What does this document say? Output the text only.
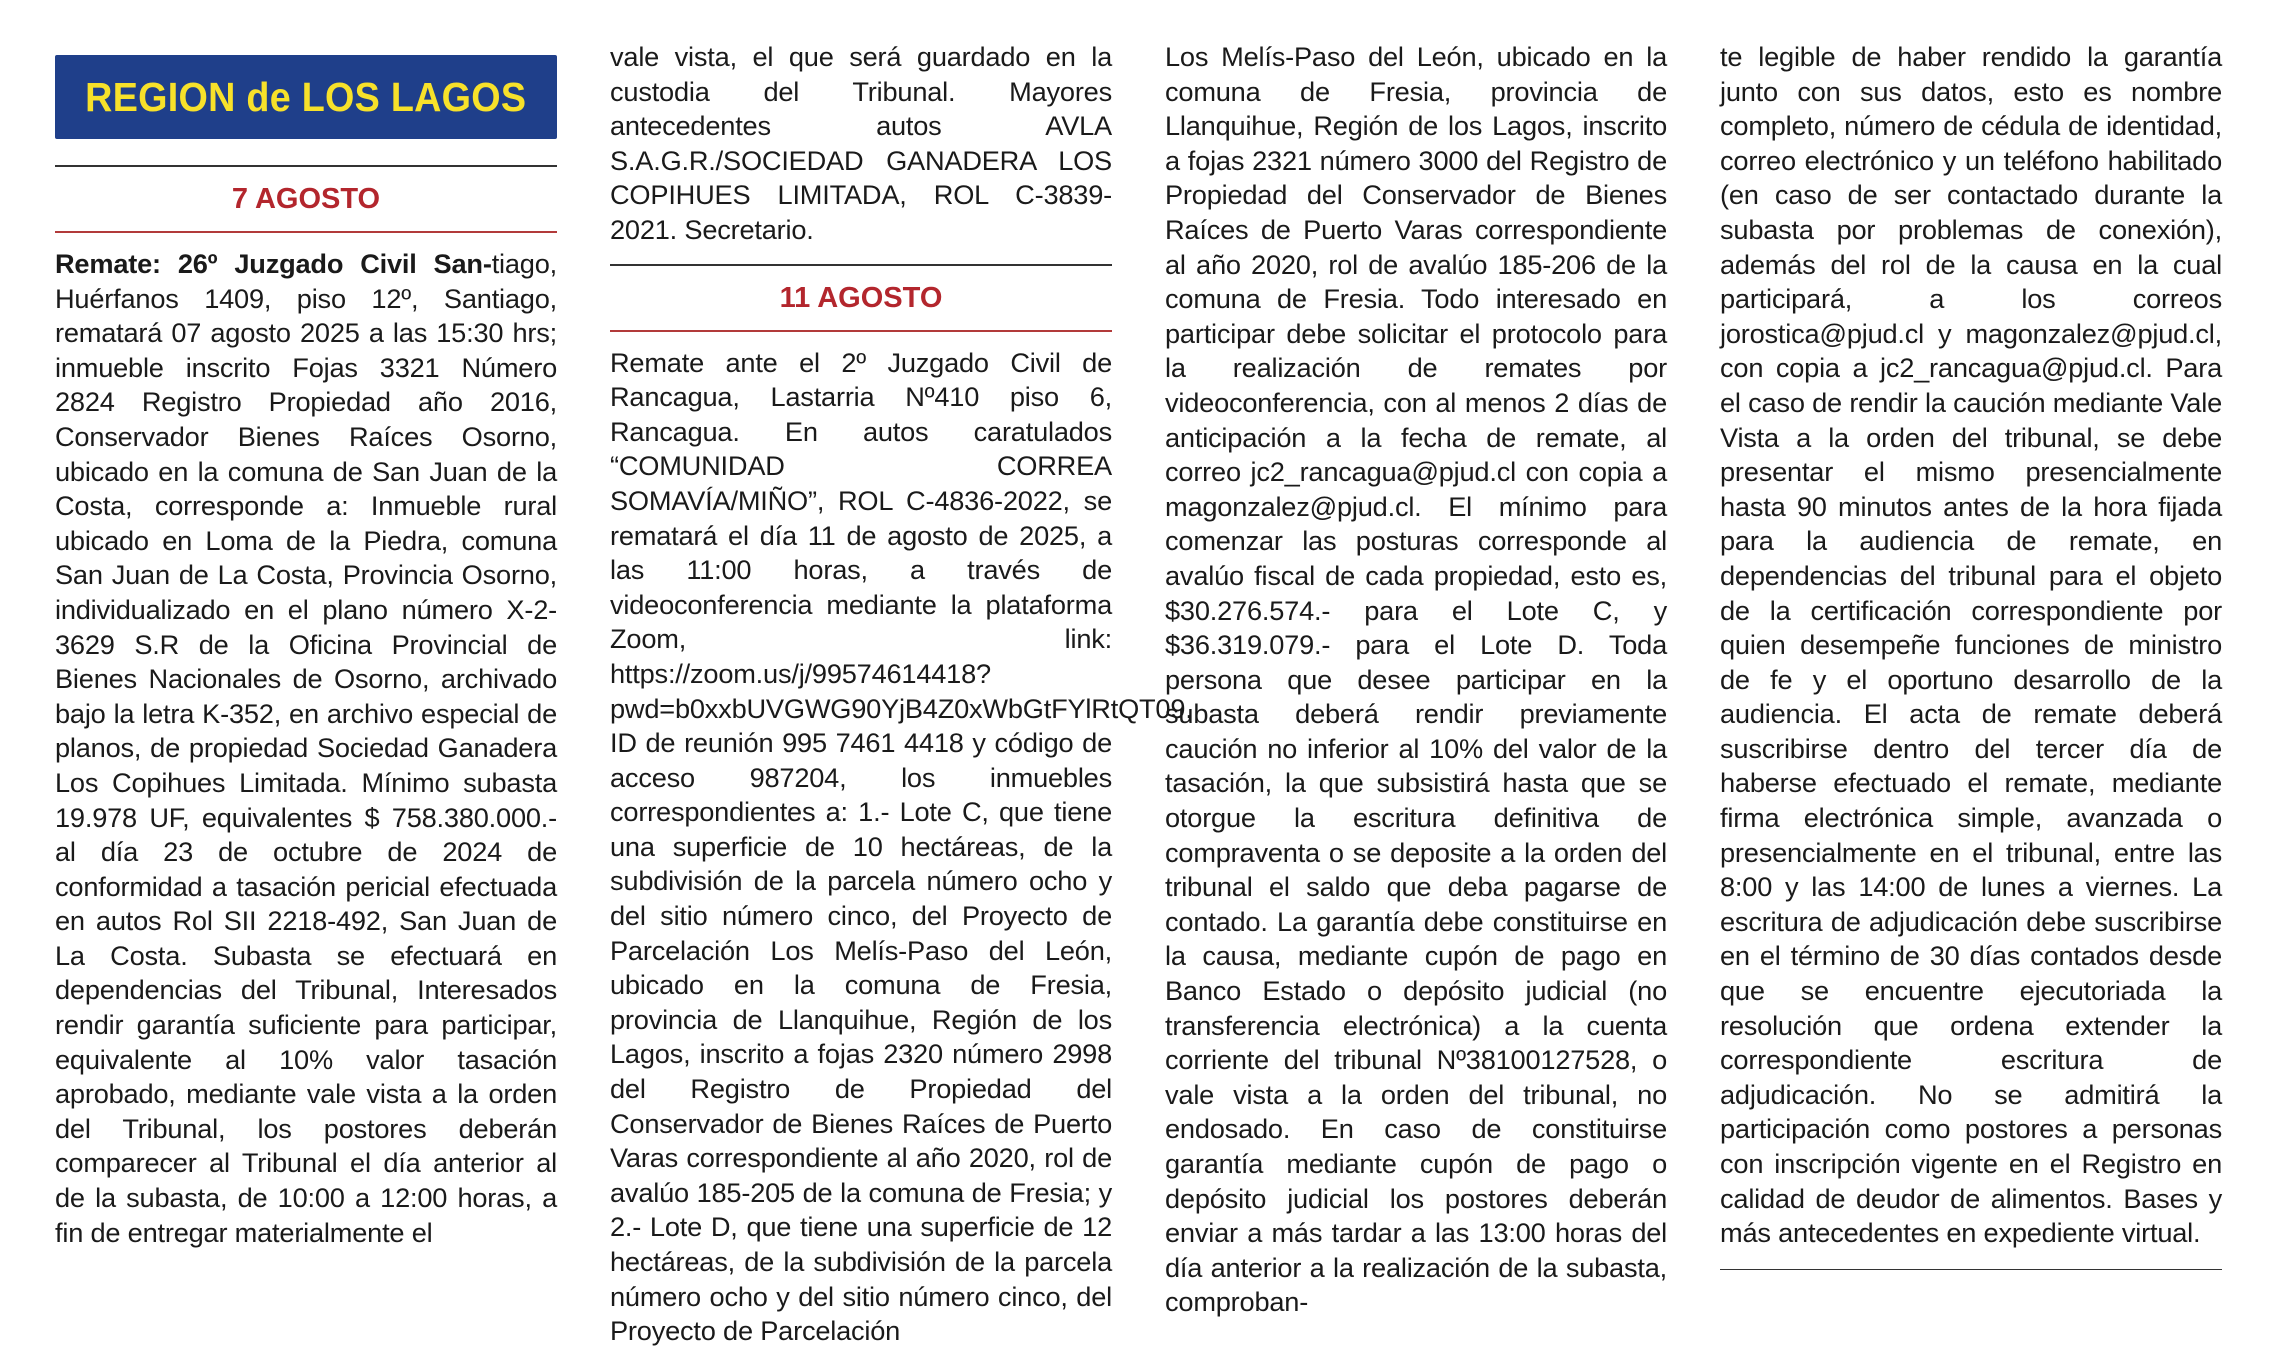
REGION de LOS LAGOS
7 AGOSTO

Remate: 26º Juzgado Civil San-tiago, Huérfanos 1409, piso 12º, Santiago, rematará 07 agosto 2025 a las 15:30 hrs; inmueble inscrito Fojas 3321 Número 2824 Registro Propiedad año 2016, Conservador Bienes Raíces Osorno, ubicado en la comuna de San Juan de la Costa, corresponde a: Inmueble rural ubicado en Loma de la Piedra, comuna San Juan de La Costa, Provincia Osorno, individualizado en el plano número X-2-3629 S.R de la Oficina Provincial de Bienes Nacionales de Osorno, archivado bajo la letra K-352, en archivo especial de planos, de propiedad Sociedad Ganadera Los Copihues Limitada. Mínimo subasta 19.978 UF, equivalentes $ 758.380.000.- al día 23 de octubre de 2024 de conformidad a tasación pericial efectuada en autos Rol SII 2218-492, San Juan de La Costa. Subasta se efectuará en dependencias del Tribunal, Interesados rendir garantía suficiente para participar, equivalente al 10% valor tasación aprobado, mediante vale vista a la orden del Tribunal, los postores deberán comparecer al Tribunal el día anterior al de la subasta, de 10:00 a 12:00 horas, a fin de entregar materialmente el

vale vista, el que será guardado en la custodia del Tribunal. Mayores antecedentes autos AVLA S.A.G.R./SOCIEDAD GANADERA LOS COPIHUES LIMITADA, ROL C-3839-2021. Secretario.

11 AGOSTO

Remate ante el 2º Juzgado Civil de Rancagua, Lastarria Nº410 piso 6, Rancagua. En autos caratulados “COMUNIDAD CORREA SOMAVÍA/MIÑO”, ROL C-4836-2022, se rematará el día 11 de agosto de 2025, a las 11:00 horas, a través de videoconferencia mediante la plataforma Zoom, link: https://zoom.us/j/99574614418?pwd=b0xxbUVGWG90YjB4Z0xWbGtFYlRtQT09, ID de reunión 995 7461 4418 y código de acceso 987204, los inmuebles correspondientes a: 1.- Lote C, que tiene una superficie de 10 hectáreas, de la subdivisión de la parcela número ocho y del sitio número cinco, del Proyecto de Parcelación Los Melís-Paso del León, ubicado en la comuna de Fresia, provincia de Llanquihue, Región de los Lagos, inscrito a fojas 2320 número 2998 del Registro de Propiedad del Conservador de Bienes Raíces de Puerto Varas correspondiente al año 2020, rol de avalúo 185-205 de la comuna de Fresia; y 2.- Lote D, que tiene una superficie de 12 hectáreas, de la subdivisión de la parcela número ocho y del sitio número cinco, del Proyecto de Parcelación

Los Melís-Paso del León, ubicado en la comuna de Fresia, provincia de Llanquihue, Región de los Lagos, inscrito a fojas 2321 número 3000 del Registro de Propiedad del Conservador de Bienes Raíces de Puerto Varas correspondiente al año 2020, rol de avalúo 185-206 de la comuna de Fresia. Todo interesado en participar debe solicitar el protocolo para la realización de remates por videoconferencia, con al menos 2 días de anticipación a la fecha de remate, al correo jc2_rancagua@pjud.cl con copia a magonzalez@pjud.cl. El mínimo para comenzar las posturas corresponde al avalúo fiscal de cada propiedad, esto es, $30.276.574.- para el Lote C, y $36.319.079.- para el Lote D. Toda persona que desee participar en la subasta deberá rendir previamente caución no inferior al 10% del valor de la tasación, la que subsistirá hasta que se otorgue la escritura definitiva de compraventa o se deposite a la orden del tribunal el saldo que deba pagarse de contado. La garantía debe constituirse en la causa, mediante cupón de pago en Banco Estado o depósito judicial (no transferencia electrónica) a la cuenta corriente del tribunal Nº38100127528, o vale vista a la orden del tribunal, no endosado. En caso de constituirse garantía mediante cupón de pago o depósito judicial los postores deberán enviar a más tardar a las 13:00 horas del día anterior a la realización de la subasta, comproban-

te legible de haber rendido la garantía junto con sus datos, esto es nombre completo, número de cédula de identidad, correo electrónico y un teléfono habilitado (en caso de ser contactado durante la subasta por problemas de conexión), además del rol de la causa en la cual participará, a los correos jorostica@pjud.cl y magonzalez@pjud.cl, con copia a jc2_rancagua@pjud.cl. Para el caso de rendir la caución mediante Vale Vista a la orden del tribunal, se debe presentar el mismo presencialmente hasta 90 minutos antes de la hora fijada para la audiencia de remate, en dependencias del tribunal para el objeto de la certificación correspondiente por quien desempeñe funciones de ministro de fe y el oportuno desarrollo de la audiencia. El acta de remate deberá suscribirse dentro del tercer día de haberse efectuado el remate, mediante firma electrónica simple, avanzada o presencialmente en el tribunal, entre las 8:00 y las 14:00 de lunes a viernes. La escritura de adjudicación debe suscribirse en el término de 30 días contados desde que se encuentre ejecutoriada la resolución que ordena extender la correspondiente escritura de adjudicación. No se admitirá la participación como postores a personas con inscripción vigente en el Registro en calidad de deudor de alimentos. Bases y más antecedentes en expediente virtual.
